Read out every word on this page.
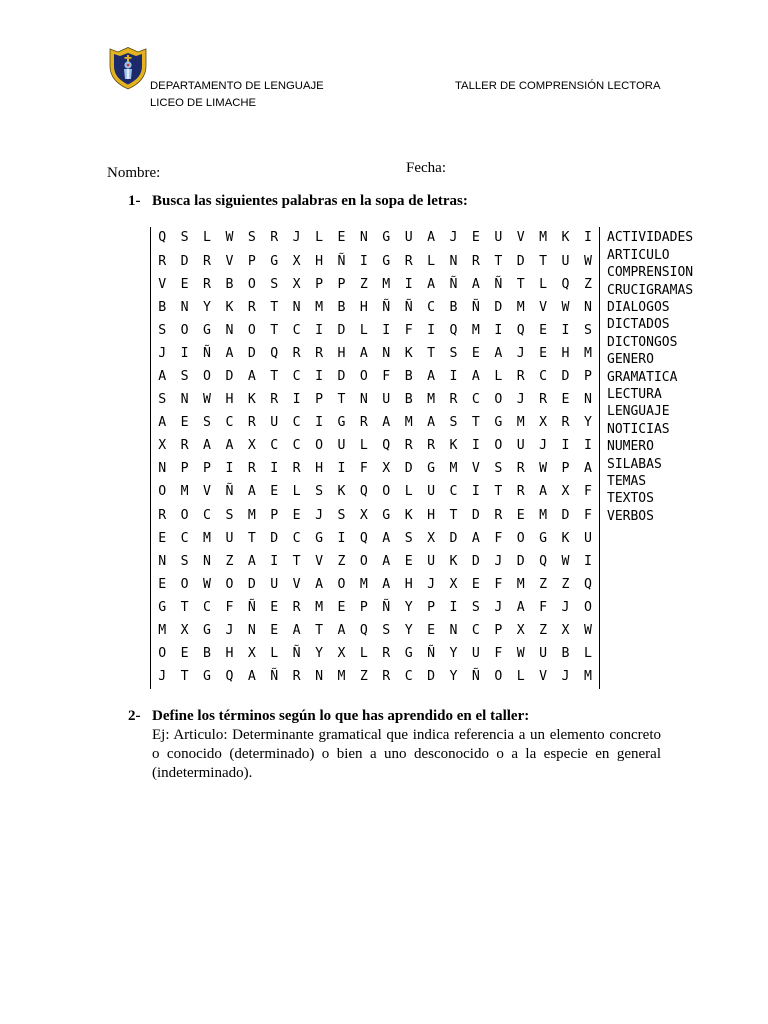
DEPARTAMENTO DE LENGUAJE
LICEO DE LIMACHE
TALLER DE COMPRENSIÓN LECTORA
Nombre:	Fecha:
1- Busca las siguientes palabras en la sopa de letras:
Q	S	L	W	S	R	J	L	E	N	G	U	A	J	E	U	V	M	K	I
R	D	R	V	P	G	X	H	Ñ	I	G	R	L	N	R	T	D	T	U	W
V	E	R	B	O	S	X	P	P	Z	M	I	A	Ñ	A	Ñ	T	L	Q	Z
B	N	Y	K	R	T	N	M	B	H	Ñ	Ñ	C	B	Ñ	D	M	V	W	N
S	O	G	N	O	T	C	I	D	L	I	F	I	Q	M	I	Q	E	I	S
J	I	Ñ	A	D	Q	R	R	H	A	N	K	T	S	E	A	J	E	H	M
A	S	O	D	A	T	C	I	D	O	F	B	A	I	A	L	R	C	D	P
S	N	W	H	K	R	I	P	T	N	U	B	M	R	C	O	J	R	E	N
A	E	S	C	R	U	C	I	G	R	A	M	A	S	T	G	M	X	R	Y
X	R	A	A	X	C	C	O	U	L	Q	R	R	K	I	O	U	J	I	I
N	P	P	I	R	I	R	H	I	F	X	D	G	M	V	S	R	W	P	A
O	M	V	Ñ	A	E	L	S	K	Q	O	L	U	C	I	T	R	A	X	F
R	O	C	S	M	P	E	J	S	X	G	K	H	T	D	R	E	M	D	F
E	C	M	U	T	D	C	G	I	Q	A	S	X	D	A	F	O	G	K	U
N	S	N	Z	A	I	T	V	Z	O	A	E	U	K	D	J	D	Q	W	I
E	O	W	O	D	U	V	A	O	M	A	H	J	X	E	F	M	Z	Z	Q
G	T	C	F	Ñ	E	R	M	E	P	Ñ	Y	P	I	S	J	A	F	J	O
M	X	G	J	N	E	A	T	A	Q	S	Y	E	N	C	P	X	Z	X	W
O	E	B	H	X	L	Ñ	Y	X	L	R	G	Ñ	Y	U	F	W	U	B	L
J	T	G	Q	A	Ñ	R	N	M	Z	R	C	D	Y	Ñ	O	L	V	J	M
ACTIVIDADES
ARTICULO
COMPRENSION
CRUCIGRAMAS
DIALOGOS
DICTADOS
DICTONGOS
GENERO
GRAMATICA
LECTURA
LENGUAJE
NOTICIAS
NUMERO
SILABAS
TEMAS
TEXTOS
VERBOS
2- Define los términos según lo que has aprendido en el taller:

Ej: Articulo: Determinante gramatical que indica referencia a un elemento concreto o conocido (determinado) o bien a uno desconocido o a la especie en general (indeterminado).
